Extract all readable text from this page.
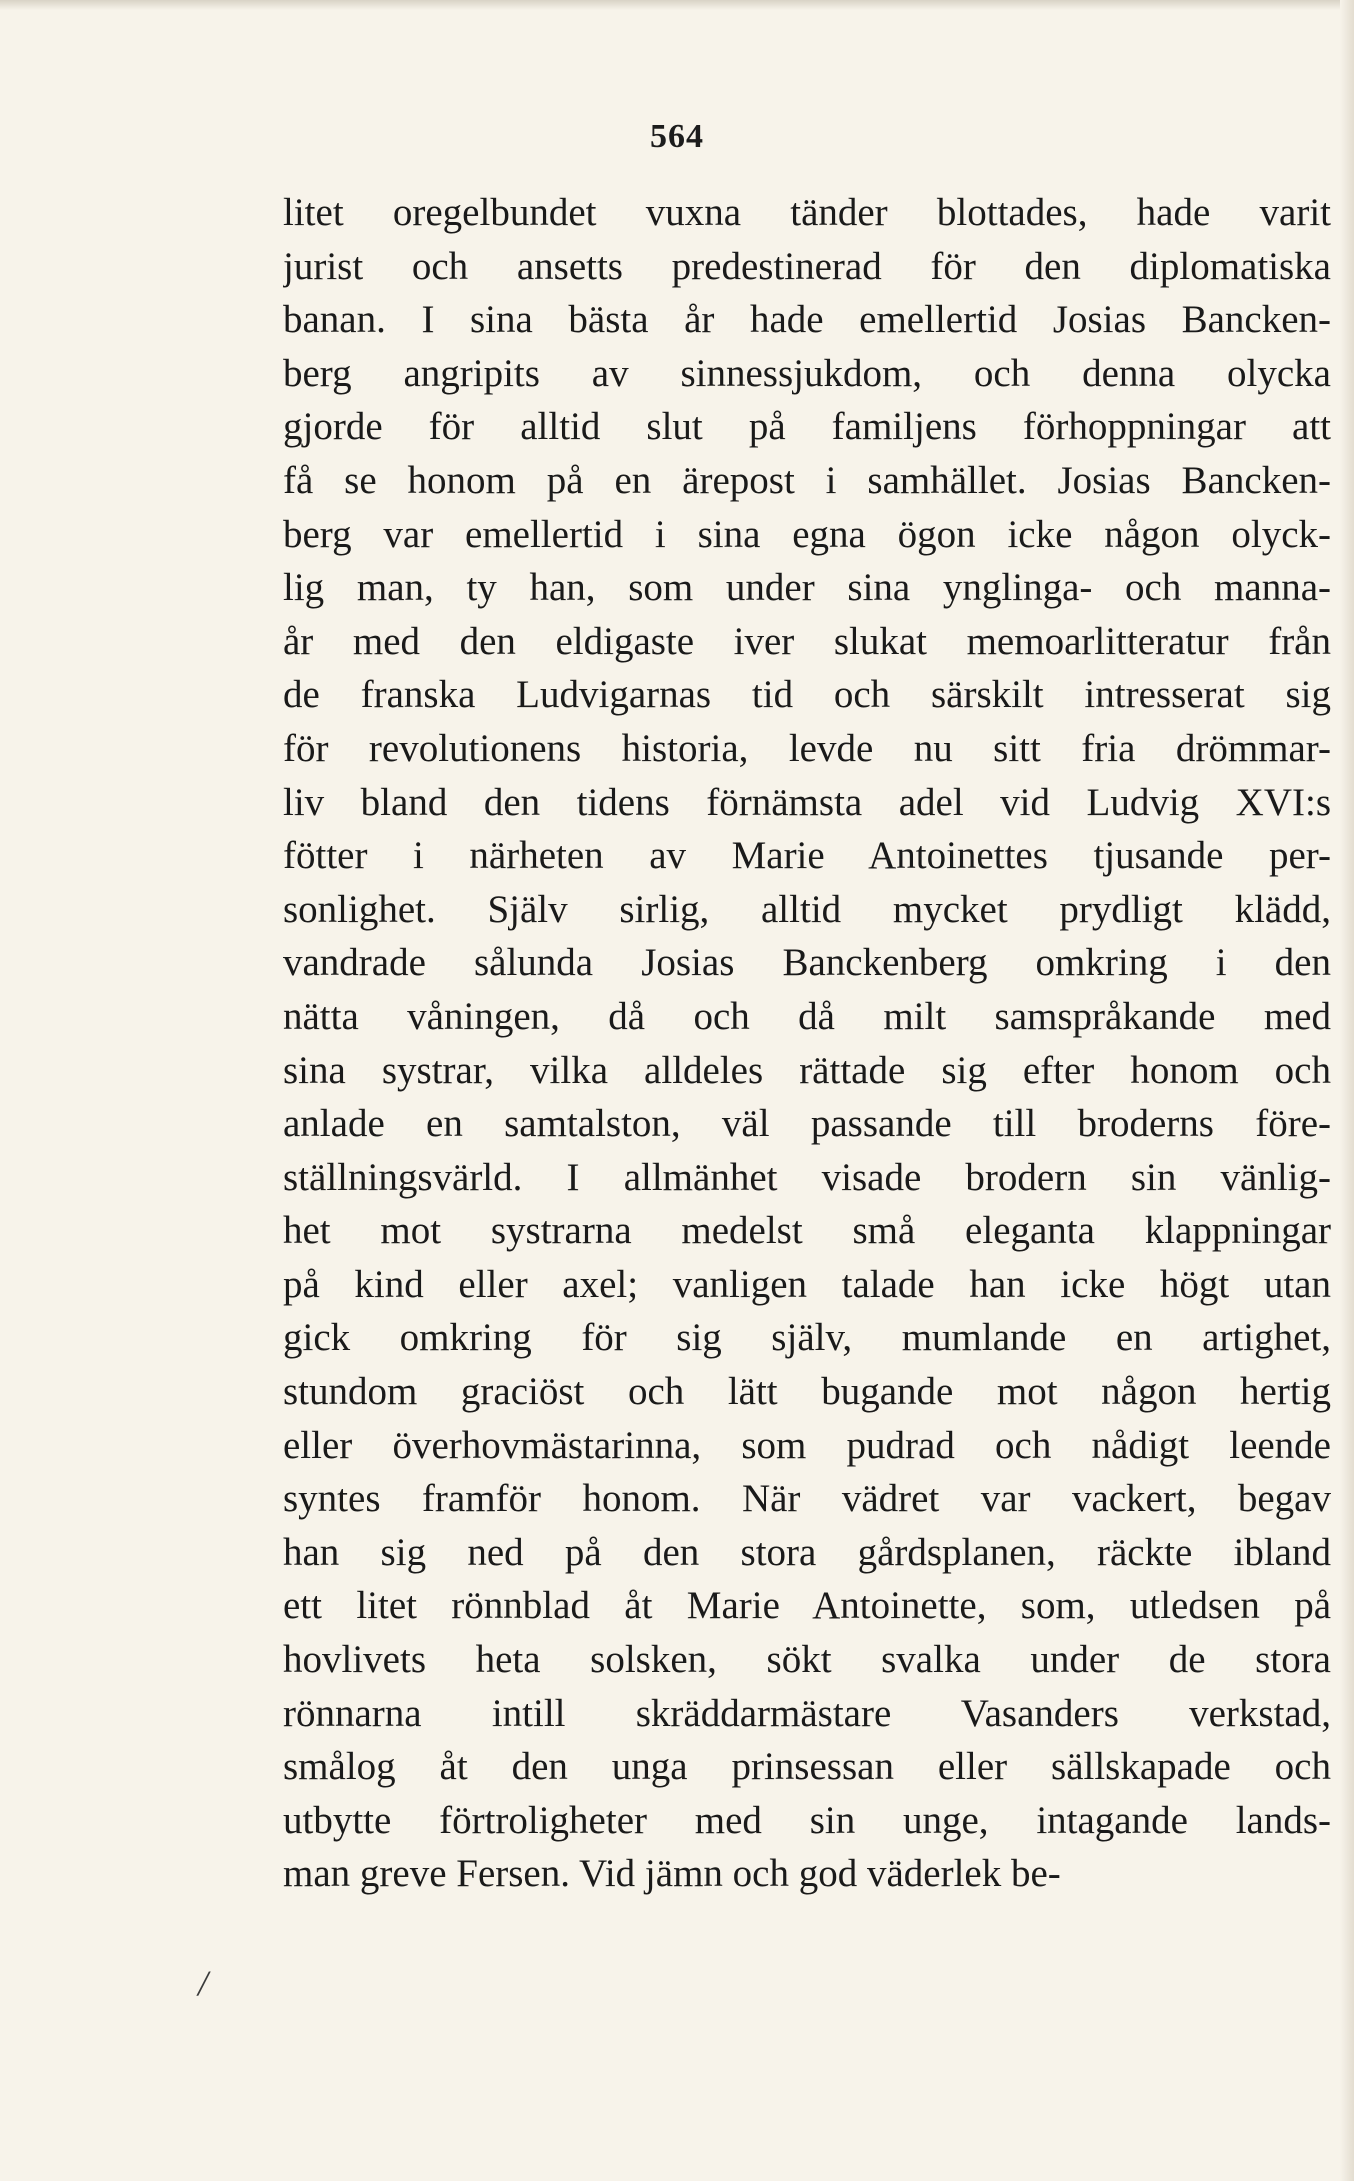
564
litet oregelbundet vuxna tänder blottades, hade varit
jurist och ansetts predestinerad för den diplomatiska
banan. I sina bästa år hade emellertid Josias Bancken-
berg angripits av sinnessjukdom, och denna olycka
gjorde för alltid slut på familjens förhoppningar att
få se honom på en ärepost i samhället. Josias Bancken-
berg var emellertid i sina egna ögon icke någon olyck-
lig man, ty han, som under sina ynglinga- och manna-
år med den eldigaste iver slukat memoarlitteratur från
de franska Ludvigarnas tid och särskilt intresserat sig
för revolutionens historia, levde nu sitt fria drömmar-
liv bland den tidens förnämsta adel vid Ludvig XVI:s
fötter i närheten av Marie Antoinettes tjusande per-
sonlighet. Själv sirlig, alltid mycket prydligt klädd,
vandrade sålunda Josias Banckenberg omkring i den
nätta våningen, då och då milt samspråkande med
sina systrar, vilka alldeles rättade sig efter honom och
anlade en samtalston, väl passande till broderns före-
ställningsvärld. I allmänhet visade brodern sin vänlig-
het mot systrarna medelst små eleganta klappningar
på kind eller axel; vanligen talade han icke högt utan
gick omkring för sig själv, mumlande en artighet,
stundom graciöst och lätt bugande mot någon hertig
eller överhovmästarinna, som pudrad och nådigt leende
syntes framför honom. När vädret var vackert, begav
han sig ned på den stora gårdsplanen, räckte ibland
ett litet rönnblad åt Marie Antoinette, som, utledsen på
hovlivets heta solsken, sökt svalka under de stora
rönnarna intill skräddarmästare Vasanders verkstad,
smålog åt den unga prinsessan eller sällskapade och
utbytte förtroligheter med sin unge, intagande lands-
man greve Fersen. Vid jämn och god väderlek be-
/
